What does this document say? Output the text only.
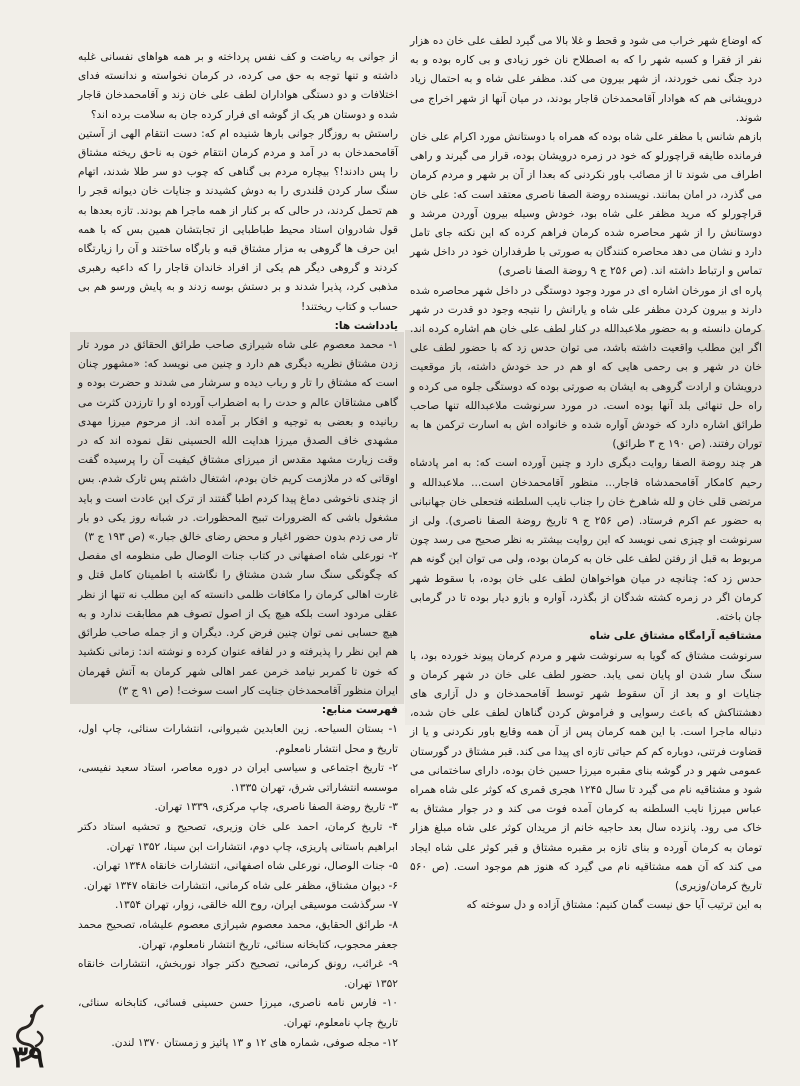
که اوضاع شهر خراب می شود و قحط و غلا بالا می گیرد لطف علی خان ده هزار نفر از فقرا و کسبه شهر را که به اصطلاح نان خور زیادی و بی کاره بوده و به درد جنگ نمی خوردند، از شهر بیرون می کند. مظفر علی شاه و به احتمال زیاد درویشانی هم که هوادار آقامحمدخان قاجار بودند، در میان آنها از شهر اخراج می شوند.

بازهم شانس با مظفر علی شاه بوده که همراه با دوستانش مورد اکرام علی خان فرمانده طایفه قراچورلو که خود در زمره درویشان بوده، قرار می گیرند و راهی اطراف می شوند تا از مصائب باور نکردنی که بعدا از آن بر شهر و مردم کرمان می گذرد، در امان بمانند. نویسنده روضة الصفا ناصری معتقد است که: علی خان قراچورلو که مرید مظفر علی شاه بود، خودش وسیله بیرون آوردن مرشد و دوستانش را از شهر محاصره شده کرمان فراهم کرده که این نکته جای تامل دارد و نشان می دهد محاصره کنندگان به صورتی با طرفداران خود در داخل شهر تماس و ارتباط داشته اند. (ص ۲۵۶ ج ۹ روضة الصفا ناصری)

پاره ای از مورخان اشاره ای در مورد وجود دوستگی در داخل شهر محاصره شده دارند و بیرون کردن مظفر علی شاه و یارانش را نتیجه وجود دو قدرت در شهر کرمان دانسته و به حضور ملاعبدالله در کنار لطف علی خان هم اشاره کرده اند. اگر این مطلب واقعیت داشته باشد، می توان حدس زد که با حضور لطف علی خان در شهر و بی رحمی هایی که او هم در حد خودش داشته، باز موقعیت درویشان و ارادت گروهی به ایشان به صورتی بوده که دوستگی جلوه می کرده و راه حل تنهائی بلد آنها بوده است. در مورد سرنوشت ملاعبدالله تنها صاحب طرائق اشاره دارد که خودش آواره شده و خانواده اش به اسارت ترکمن ها به توران رفتند. (ص ۱۹۰ ج ۳ طرائق)

هر چند روضة الصفا روایت دیگری دارد و چنین آورده است که: به امر پادشاه رحیم کامکار آقامحمدشاه قاجار... منظور آقامحمدخان است... ملاعبدالله و مرتضی قلی خان و لله شاهرخ خان را جناب نایب السلطنه فتحعلی خان جهانبانی به حضور عم اکرم فرستاد. (ص ۲۵۶ ج ۹ تاریخ روضة الصفا ناصری). ولی از سرنوشت او چیزی نمی نویسد که این روایت بیشتر به نظر صحیح می رسد چون مربوط به قبل از رفتن لطف علی خان به کرمان بوده، ولی می توان این گونه هم حدس زد که: چنانچه در میان هواخواهان لطف علی خان بوده، با سقوط شهر کرمان اگر در زمره کشته شدگان از بگذرد، آواره و بازو دیار بوده تا در گرمابی جان باخته.

مشتاقیه آرامگاه مشتاق علی شاه

سرنوشت مشتاق که گویا به سرنوشت شهر و مردم کرمان پیوند خورده بود، با سنگ سار شدن او پایان نمی یابد. حضور لطف علی خان در شهر کرمان و جنایات او و بعد از آن سقوط شهر توسط آقامحمدخان و دل آزاری های دهشتناکش که باعث رسوایی و فراموش کردن گناهان لطف علی خان شده، دنباله ماجرا است. با این همه کرمان پس از آن همه وقایع باور نکردنی و یا از قضاوت فرتنی، دوباره کم کم حیاتی تازه ای پیدا می کند. قبر مشتاق در گورستان عمومی شهر و در گوشه بنای مقبره میرزا حسین خان بوده، دارای ساختمانی می شود و مشتاقیه نام می گیرد تا سال ۱۲۴۵ هجری قمری که کوثر علی شاه همراه عباس میرزا نایب السلطنه به کرمان آمده فوت می کند و در جوار مشتاق به خاک می رود. پانزده سال بعد حاجیه خانم از مریدان کوثر علی شاه مبلغ هزار تومان به کرمان آورده و بنای تازه بر مقبره مشتاق و قبر کوثر علی شاه ایجاد می کند که آن همه مشتاقیه نام می گیرد که هنوز هم موجود است. (ص ۵۶۰ تاریخ کرمان/وزیری)

به این ترتیب آیا حق نیست گمان کنیم: مشتاق آزاده و دل سوخته که

از جوانی به ریاضت و کف نفس پرداخته و بر همه هواهای نفسانی غلبه داشته و تنها توجه به حق می کرده، در کرمان نخواسته و ندانسته فدای اختلافات و دو دستگی هواداران لطف علی خان زند و آقامحمدخان قاجار شده و دوستان هر یک از گوشه ای فرار کرده جان به سلامت برده اند؟

راستش به روزگار جوانی بارها شنیده ام که: دست انتقام الهی از آستین آقامحمدخان به در آمد و مردم کرمان انتقام خون به ناحق ریخته مشتاق را پس دادند!؟ بیچاره مردم بی گناهی که چوب دو سر طلا شدند، اتهام سنگ سار کردن قلندری را به دوش کشیدند و جنایات خان دیوانه قجر را هم تحمل کردند، در حالی که بر کنار از همه ماجرا هم بودند. تازه بعدها به قول شادروان استاد محیط طباطبایی از تجابتشان همین بس که با همه این حرف ها گروهی به مزار مشتاق قبه و بارگاه ساختند و آن را زیارتگاه کردند و گروهی دیگر هم یکی از افراد خاندان قاجار را که داعیه رهبری مذهبی کرد، پذیرا شدند و بر دستش بوسه زدند و به پایش ورسو هم بی حساب و کتاب ریختند!

یادداشت ها:

۱- محمد معصوم علی شاه شیرازی صاحب طرائق الحقائق در مورد تار زدن مشتاق نظریه دیگری هم دارد و چنین می نویسد که: «مشهور چنان است که مشتاق را تار و رباب دیده و سرشار می شدند و حضرت بوده و گاهی مشتاقان عالم و حدت را به اضطراب آورده او را تارزدن کثرت می ربانیده و بعضی به توجیه و افکار بر آمده اند. از مرحوم میرزا مهدی مشهدی خاف الصدق میرزا هدایت الله الحسینی نقل نموده اند که در وقت زیارت مشهد مقدس از میرزای مشتاق کیفیت آن را پرسیده گفت اوقاتی که در ملازمت کریم خان بودم، اشتغال داشتم پس تارک شدم. بس از چندی ناخوشی دماغ پیدا کردم اطبا گفتند از ترک این عادت است و باید مشغول باشی که الضرورات تبیح المحظورات. در شبانه روز یکی دو بار تار می زدم بدون حضور اغیار و محض رضای خالق جبار.» (ص ۱۹۳ ج ۳)

۲- نورعلی شاه اصفهانی در کتاب جنات الوصال طی منظومه ای مفصل که چگونگی سنگ سار شدن مشتاق را نگاشته با اطمینان کامل قتل و غارت اهالی کرمان را مکافات ظلمی دانسته که این مطلب نه تنها از نظر عقلی مردود است بلکه هیچ یک از اصول تصوف هم مطابقت ندارد و به هیچ حسابی نمی توان چنین فرض کرد. دیگران و از جمله صاحب طرائق هم این نظر را پذیرفته و در لفافه عنوان کرده و نوشته اند: زمانی نکشید که خون تا کمربر نیامد خرمن عمر اهالی شهر کرمان به آتش قهرمان ایران منظور آقامحمدخان جنایت کار است سوخت! (ص ۹۱ ج ۳)

فهرست منابع:

۱- بستان السیاحه. زین العابدین شیروانی، انتشارات سنائی، چاپ اول، تاریخ و محل انتشار نامعلوم.

۲- تاریخ اجتماعی و سیاسی ایران در دوره معاصر، استاد سعید نفیسی، موسسه انتشاراتی شرق، تهران ۱۳۳۵.

۳- تاریخ روضة الصفا ناصری، چاپ مرکزی، ۱۳۳۹ تهران.

۴- تاریخ کرمان، احمد علی خان وزیری، تصحیح و تحشیه استاد دکتر ابراهیم باستانی پاریزی، چاپ دوم، انتشارات ابن سینا، ۱۳۵۲ تهران.

۵- جنات الوصال، نورعلی شاه اصفهانی، انتشارات خانقاه ۱۳۴۸ تهران.

۶- دیوان مشتاق، مظفر علی شاه کرمانی، انتشارات خانقاه ۱۳۴۷ تهران.

۷- سرگذشت موسیقی ایران، روح الله خالقی، زوار، تهران ۱۳۵۴.

۸- طرائق الحقایق، محمد معصوم شیرازی معصوم علیشاه، تصحیح محمد جعفر محجوب، کتابخانه سنائی، تاریخ انتشار نامعلوم، تهران.

۹- غرائب، رونق کرمانی، تصحیح دکتر جواد نوربخش، انتشارات خانقاه ۱۳۵۲ تهران.

۱۰- فارس نامه ناصری، میرزا حسن حسینی فسائی، کتابخانه سنائی، تاریخ چاپ نامعلوم، تهران.

۱۲- مجله صوفی، شماره های ۱۲ و ۱۳ پائیز و زمستان ۱۳۷۰ لندن.

۳۹
